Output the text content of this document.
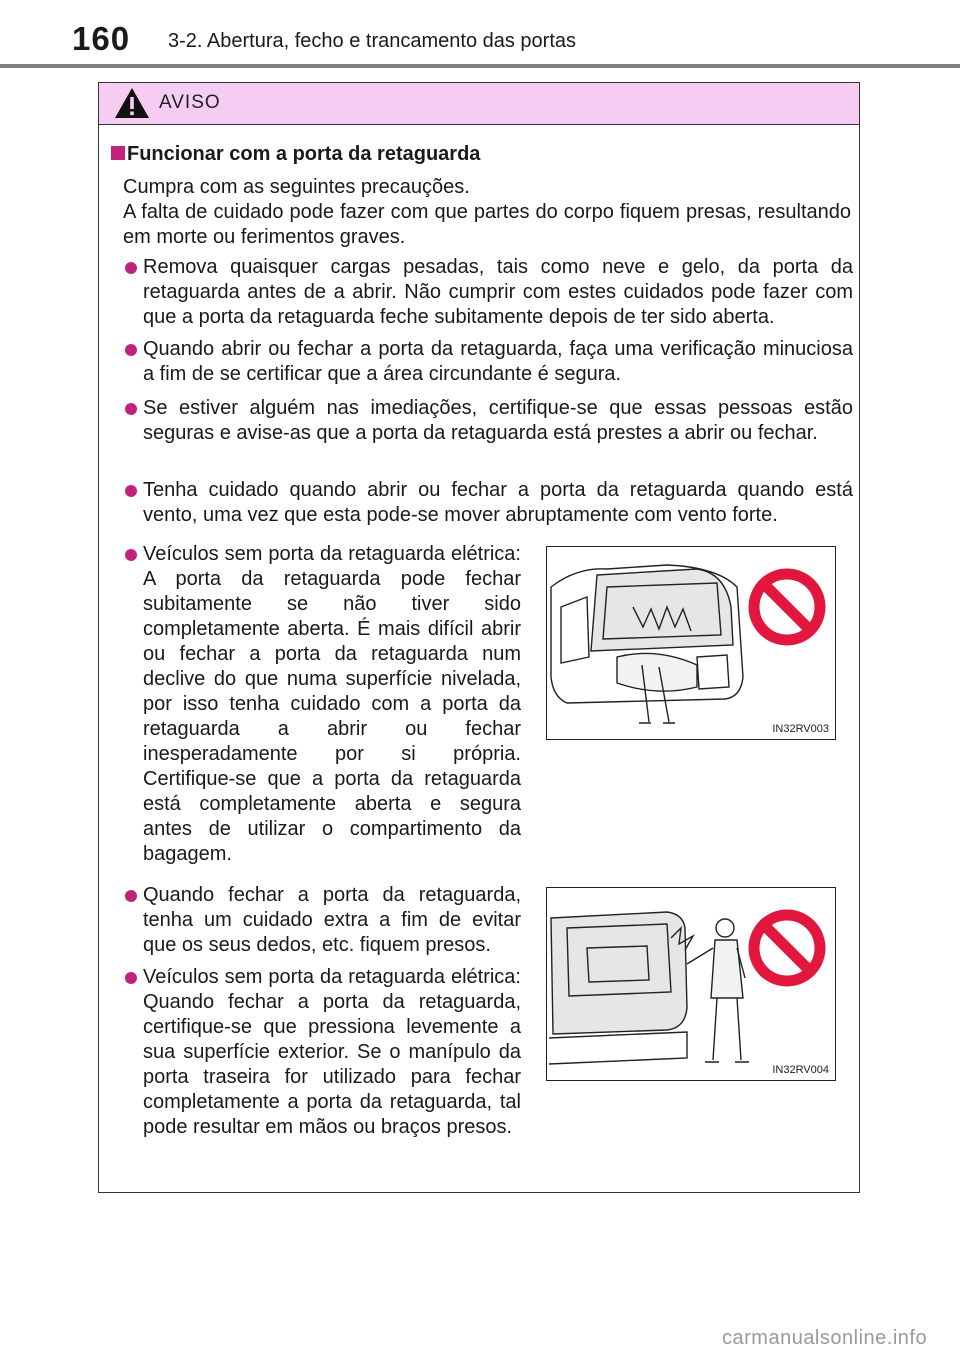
160 3-2. Abertura, fecho e trancamento das portas
AVISO
Funcionar com a porta da retaguarda
Cumpra com as seguintes precauções.
A falta de cuidado pode fazer com que partes do corpo fiquem presas, resultando em morte ou ferimentos graves.
Remova quaisquer cargas pesadas, tais como neve e gelo, da porta da retaguarda antes de a abrir. Não cumprir com estes cuidados pode fazer com que a porta da retaguarda feche subitamente depois de ter sido aberta.
Quando abrir ou fechar a porta da retaguarda, faça uma verificação minuciosa a fim de se certificar que a área circundante é segura.
Se estiver alguém nas imediações, certifique-se que essas pessoas estão seguras e avise-as que a porta da retaguarda está prestes a abrir ou fechar.
Tenha cuidado quando abrir ou fechar a porta da retaguarda quando está vento, uma vez que esta pode-se mover abruptamente com vento forte.
Veículos sem porta da retaguarda elétrica: A porta da retaguarda pode fechar subitamente se não tiver sido completamente aberta. É mais difícil abrir ou fechar a porta da retaguarda num declive do que numa superfície nivelada, por isso tenha cuidado com a porta da retaguarda a abrir ou fechar inesperadamente por si própria. Certifique-se que a porta da retaguarda está completamente aberta e segura antes de utilizar o compartimento da bagagem.
IN32RV003
Quando fechar a porta da retaguarda, tenha um cuidado extra a fim de evitar que os seus dedos, etc. fiquem presos.
Veículos sem porta da retaguarda elétrica: Quando fechar a porta da retaguarda, certifique-se que pressiona levemente a sua superfície exterior. Se o manípulo da porta traseira for utilizado para fechar completamente a porta da retaguarda, tal pode resultar em mãos ou braços presos.
IN32RV004
carmanualsonline.info
